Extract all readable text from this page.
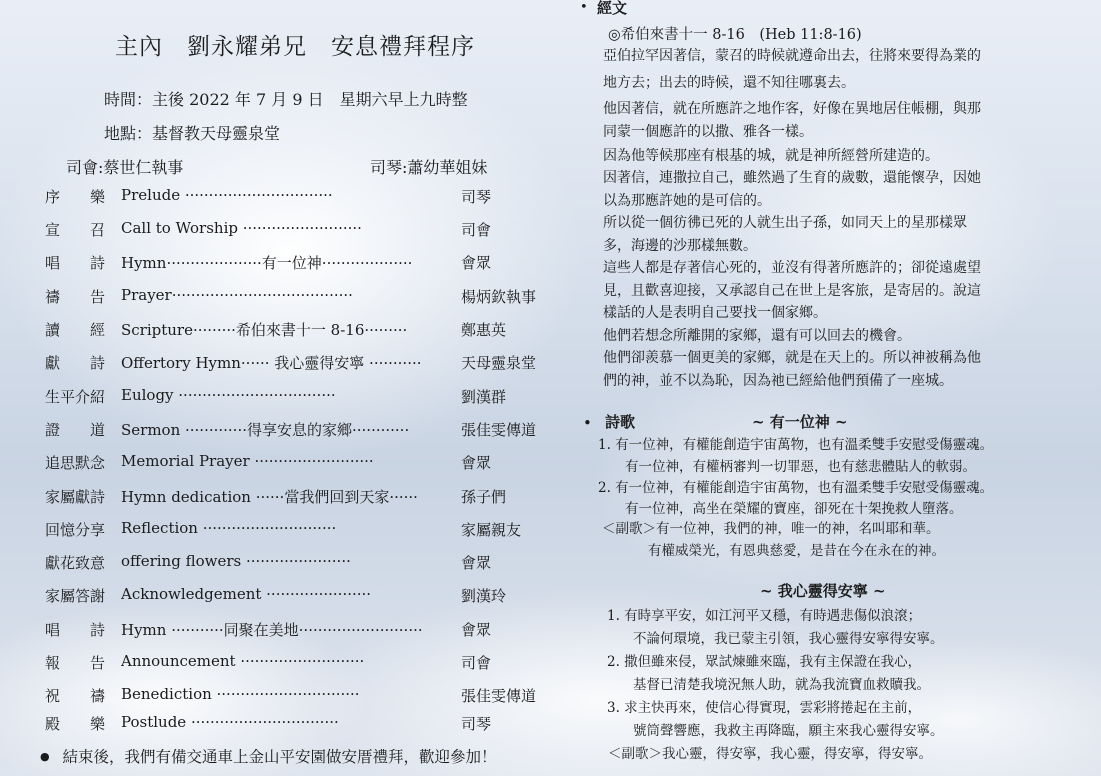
主內　劉永耀弟兄　安息禮拜程序
時間：主後 2022 年 7 月 9 日　星期六早上九時整
地點：基督教天母靈泉堂
司會:蔡世仁執事	司琴:蕭幼華姐妹
序　　樂 Prelude ·······························	司琴
宣　　召 Call to Worship ·························	司會
唱　　詩 Hymn····················有一位神···················	會眾
禱　　告 Prayer······································	楊炳欽執事
讀　　經 Scripture·········希伯來書十一 8-16·········	鄭惠英
獻　　詩 Offertory Hymn······ 我心靈得安寧 ···········	天母靈泉堂
生平介紹 Eulogy ·································	劉漢群
證　　道 Sermon ·············得享安息的家鄉············	張佳雯傳道
追思默念 Memorial Prayer ·························	會眾
家屬獻詩 Hymn dedication ······當我們回到天家······	孫子們
回憶分享 Reflection ····························	家屬親友
獻花致意 offering flowers ······················	會眾
家屬答謝 Acknowledgement ······················	劉漢玲
唱　　詩 Hymn ···········同聚在美地··························	會眾
報　　告 Announcement ··························	司會
祝　　禱 Benediction ······························	張佳雯傳道
殿　　樂 Postlude ·······························	司琴
● 結束後，我們有備交通車上金山平安園做安厝禮拜，歡迎參加！
• 經文
◎希伯來書十一 8-16　(Heb 11:8-16)
亞伯拉罕因著信，蒙召的時候就遵命出去，往將來要得為業的
地方去；出去的時候，還不知往哪裏去。
他因著信，就在所應許之地作客，好像在異地居住帳棚，與那
同蒙一個應許的以撒、雅各一樣。
因為他等候那座有根基的城，就是神所經營所建造的。
因著信，連撒拉自己，雖然過了生育的歲數，還能懷孕，因她
以為那應許她的是可信的。
所以從一個彷彿已死的人就生出子孫，如同天上的星那樣眾
多，海邊的沙那樣無數。
這些人都是存著信心死的，並沒有得著所應許的；卻從遠處望
見，且歡喜迎接，又承認自己在世上是客旅，是寄居的。說這
樣話的人是表明自己要找一個家鄉。
他們若想念所離開的家鄉，還有可以回去的機會。
他們卻羨慕一個更美的家鄉，就是在天上的。所以神被稱為他
們的神，並不以為恥，因為祂已經給他們預備了一座城。
• 詩歌	~ 有一位神 ~
1. 有一位神，有權能創造宇宙萬物，也有溫柔雙手安慰受傷靈魂。
有一位神，有權柄審判一切罪惡，也有慈悲體貼人的軟弱。
2. 有一位神，有權能創造宇宙萬物，也有溫柔雙手安慰受傷靈魂。
有一位神，高坐在榮耀的寶座，卻死在十架挽救人墮落。
＜副歌＞有一位神，我們的神，唯一的神，名叫耶和華。
有權威榮光，有恩典慈愛，是昔在今在永在的神。
~ 我心靈得安寧 ~
1. 有時享平安，如江河平又穩，有時遇悲傷似浪滾；
不論何環境，我已蒙主引領，我心靈得安寧得安寧。
2. 撒但雖來侵，眾試煉雖來臨，我有主保證在我心，
基督已清楚我境況無人助，就為我流寶血救贖我。
3. 求主快再來，使信心得實現，雲彩將捲起在主前，
號筒聲響應，我救主再降臨，願主來我心靈得安寧。
＜副歌＞我心靈，得安寧，我心靈，得安寧，得安寧。
